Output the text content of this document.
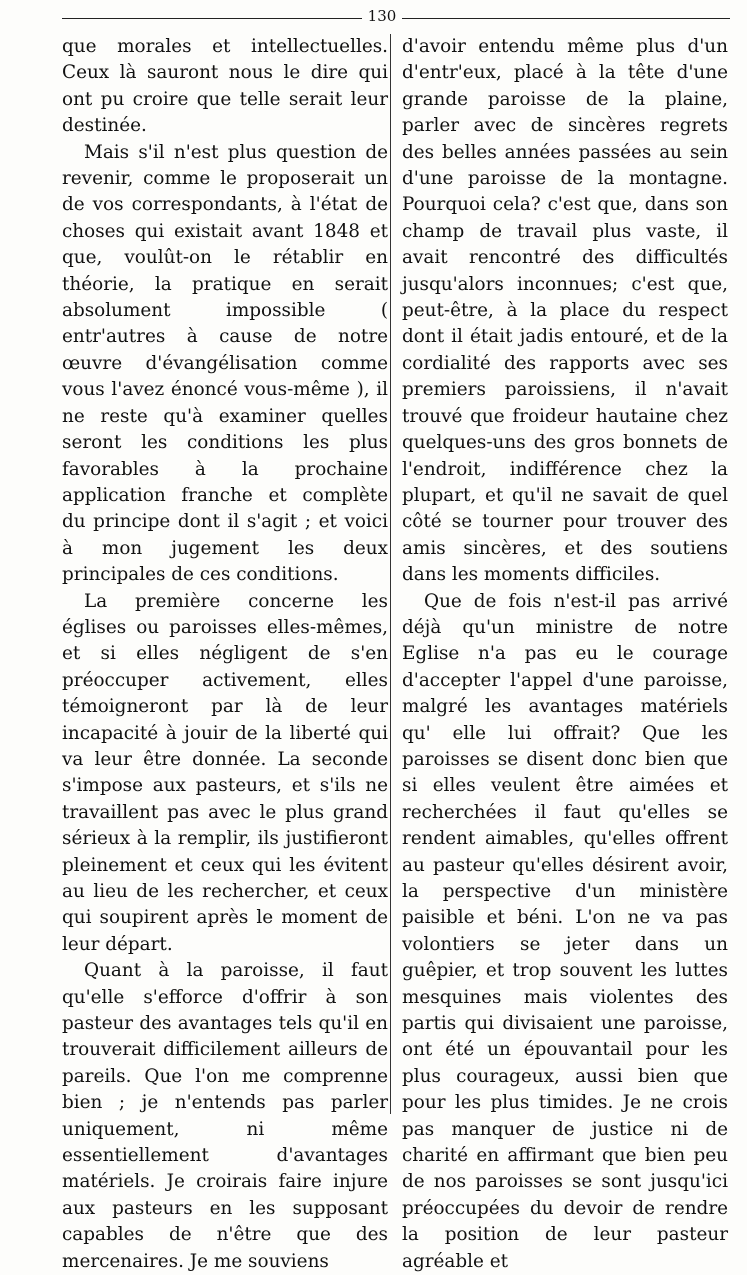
130

que morales et intellectuelles. Ceux là sauront nous le dire qui ont pu croire que telle serait leur destinée.

Mais s'il n'est plus question de revenir, comme le proposerait un de vos correspondants, à l'état de choses qui existait avant 1848 et que, voulût-on le rétablir en théorie, la pratique en serait absolument impossible ( entr'autres à cause de notre œuvre d'évangélisation comme vous l'avez énoncé vous-même ), il ne reste qu'à examiner quelles seront les conditions les plus favorables à la prochaine application franche et complète du principe dont il s'agit ; et voici à mon jugement les deux principales de ces conditions.

La première concerne les églises ou paroisses elles-mêmes, et si elles négligent de s'en préoccuper activement, elles témoigneront par là de leur incapacité à jouir de la liberté qui va leur être donnée. La seconde s'impose aux pasteurs, et s'ils ne travaillent pas avec le plus grand sérieux à la remplir, ils justifieront pleinement et ceux qui les évitent au lieu de les rechercher, et ceux qui soupirent après le moment de leur départ.

Quant à la paroisse, il faut qu'elle s'efforce d'offrir à son pasteur des avantages tels qu'il en trouverait difficilement ailleurs de pareils. Que l'on me comprenne bien ; je n'entends pas parler uniquement, ni même essentiellement d'avantages matériels. Je croirais faire injure aux pasteurs en les supposant capables de n'être que des mercenaires. Je me souviens

d'avoir entendu même plus d'un d'entr'eux, placé à la tête d'une grande paroisse de la plaine, parler avec de sincères regrets des belles années passées au sein d'une paroisse de la montagne. Pourquoi cela? c'est que, dans son champ de travail plus vaste, il avait rencontré des difficultés jusqu'alors inconnues; c'est que, peut-être, à la place du respect dont il était jadis entouré, et de la cordialité des rapports avec ses premiers paroissiens, il n'avait trouvé que froideur hautaine chez quelques-uns des gros bonnets de l'endroit, indifférence chez la plupart, et qu'il ne savait de quel côté se tourner pour trouver des amis sincères, et des soutiens dans les moments difficiles.

Que de fois n'est-il pas arrivé déjà qu'un ministre de notre Eglise n'a pas eu le courage d'accepter l'appel d'une paroisse, malgré les avantages matériels qu' elle lui offrait? Que les paroisses se disent donc bien que si elles veulent être aimées et recherchées il faut qu'elles se rendent aimables, qu'elles offrent au pasteur qu'elles désirent avoir, la perspective d'un ministère paisible et béni. L'on ne va pas volontiers se jeter dans un guêpier, et trop souvent les luttes mesquines mais violentes des partis qui divisaient une paroisse, ont été un épouvantail pour les plus courageux, aussi bien que pour les plus timides. Je ne crois pas manquer de justice ni de charité en affirmant que bien peu de nos paroisses se sont jusqu'ici préoccupées du devoir de rendre la position de leur pasteur agréable et
